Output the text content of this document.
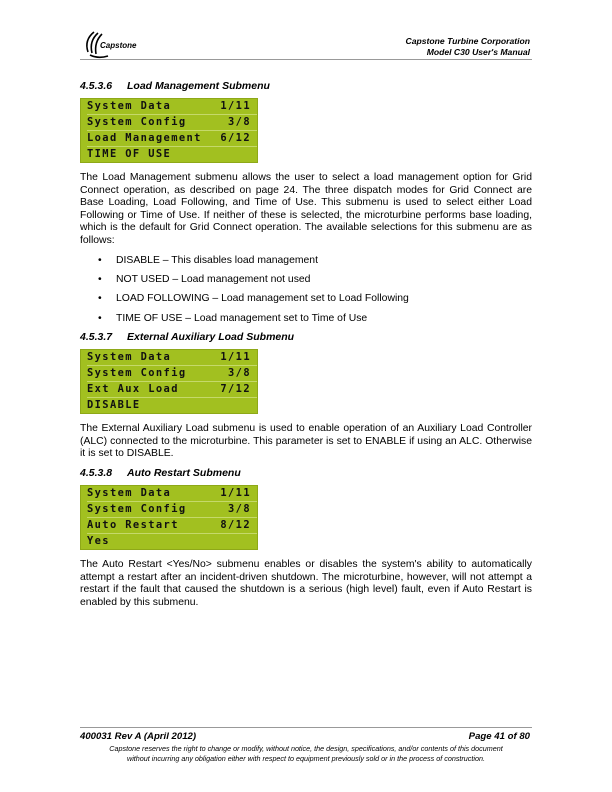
Capstone	Capstone Turbine Corporation
Model C30 User's Manual
4.5.3.6 Load Management Submenu
System Data	1/11
System Config	3/8
Load Management 6/12
TIME OF USE

The Load Management submenu allows the user to select a load management option for Grid Connect operation, as described on page 24. The three dispatch modes for Grid Connect are Base Loading, Load Following, and Time of Use. This submenu is used to select either Load Following or Time of Use. If neither of these is selected, the microturbine performs base loading, which is the default for Grid Connect operation. The available selections for this submenu are as follows:

• DISABLE – This disables load management
• NOT USED – Load management not used
• LOAD FOLLOWING – Load management set to Load Following
• TIME OF USE – Load management set to Time of Use
4.5.3.7 External Auxiliary Load Submenu
System Data	1/11
System Config	3/8
Ext Aux Load	7/12
DISABLE

The External Auxiliary Load submenu is used to enable operation of an Auxiliary Load Controller (ALC) connected to the microturbine. This parameter is set to ENABLE if using an ALC. Otherwise it is set to DISABLE.

4.5.3.8 Auto Restart Submenu
System Data	1/11
System Config	3/8
Auto Restart	8/12
Yes

The Auto Restart <Yes/No> submenu enables or disables the system's ability to automatically attempt a restart after an incident-driven shutdown. The microturbine, however, will not attempt a restart if the fault that caused the shutdown is a serious (high level) fault, even if Auto Restart is enabled by this submenu.

400031 Rev A (April 2012)	Page 41 of 80
Capstone reserves the right to change or modify, without notice, the design, specifications, and/or contents of this document
without incurring any obligation either with respect to equipment previously sold or in the process of construction.
